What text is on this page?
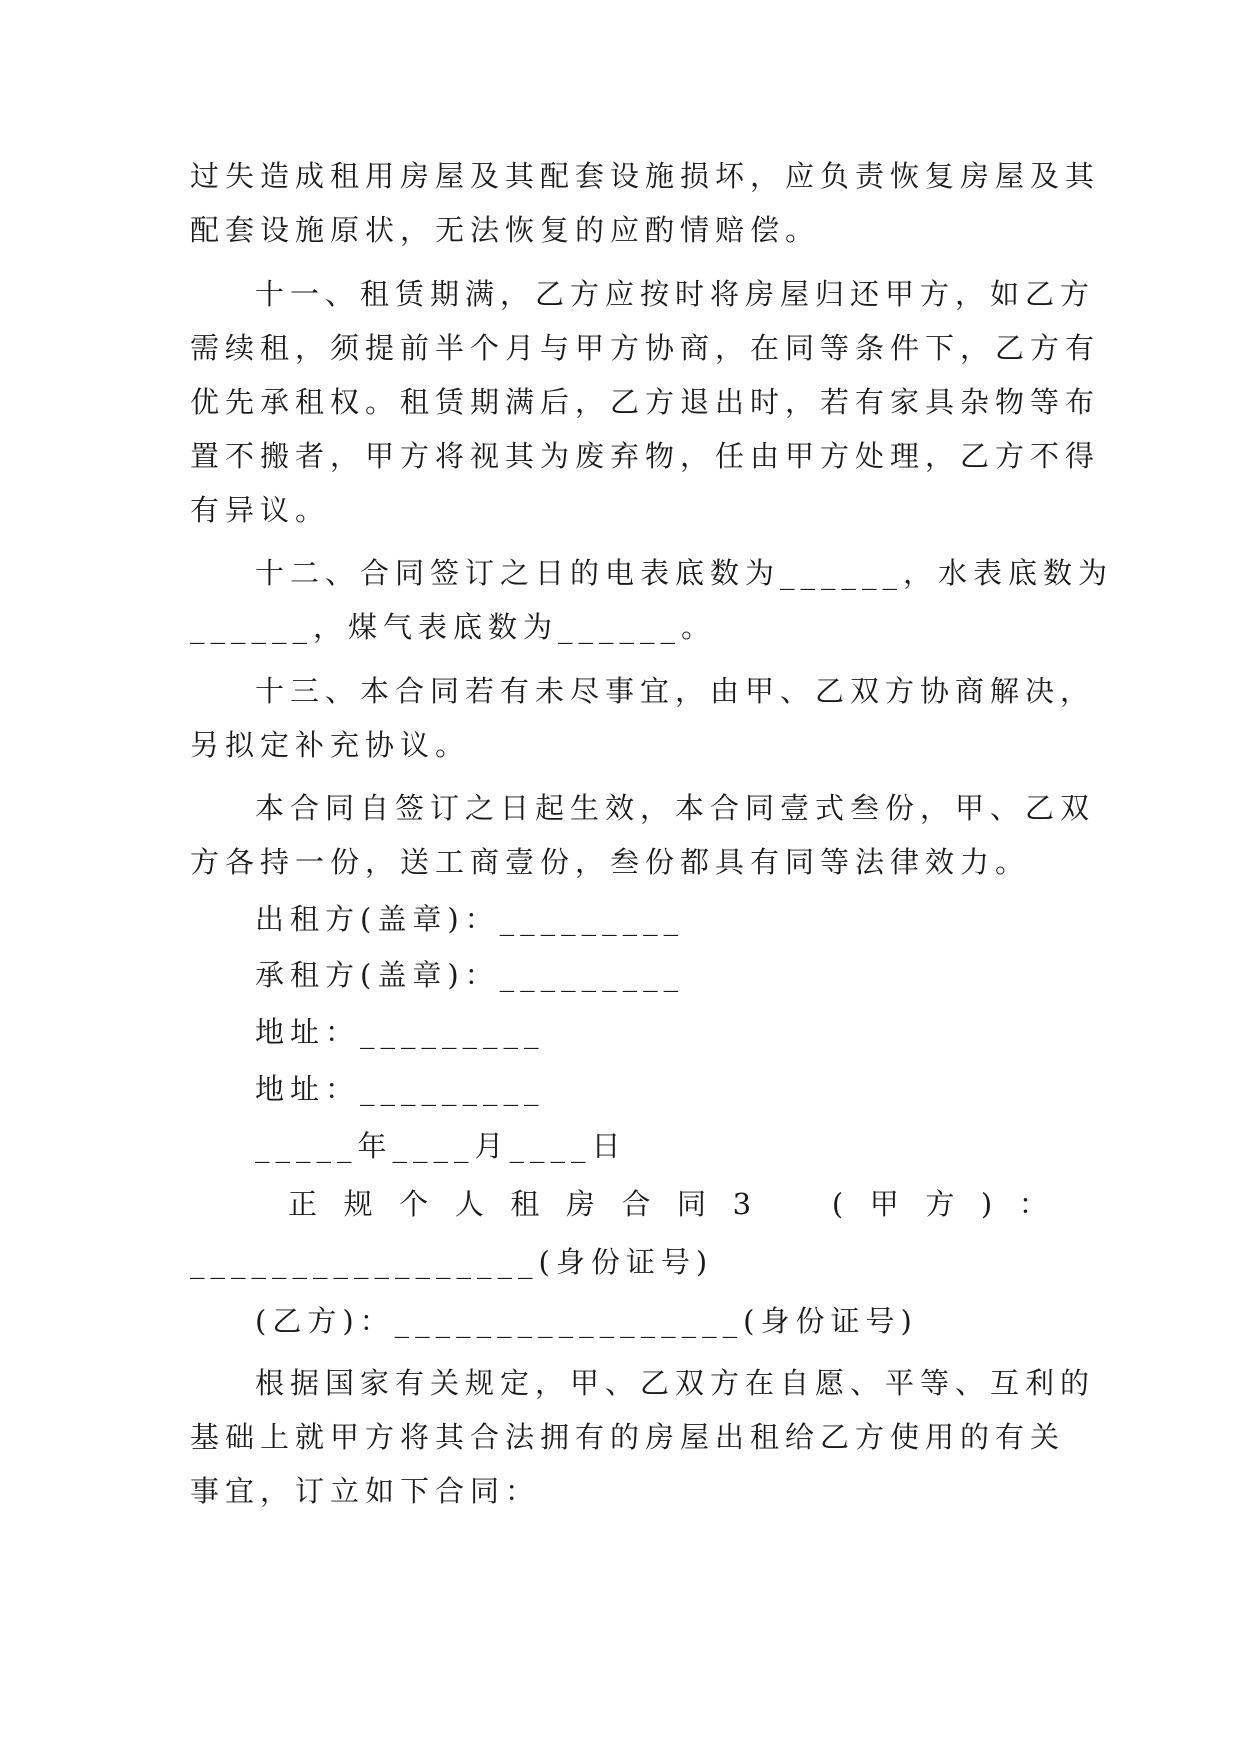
过失造成租用房屋及其配套设施损坏，应负责恢复房屋及其
配套设施原状，无法恢复的应酌情赔偿。
十一、租赁期满，乙方应按时将房屋归还甲方，如乙方
需续租，须提前半个月与甲方协商，在同等条件下，乙方有
优先承租权。租赁期满后，乙方退出时，若有家具杂物等布
置不搬者，甲方将视其为废弃物，任由甲方处理，乙方不得
有异议。
十二、合同签订之日的电表底数为______，水表底数为
______，煤气表底数为______。
十三、本合同若有未尽事宜，由甲、乙双方协商解决，
另拟定补充协议。
本合同自签订之日起生效，本合同壹式叁份，甲、乙双
方各持一份，送工商壹份，叁份都具有同等法律效力。
出租方(盖章)：_________
承租方(盖章)：_________
地址：_________
地址：_________
_____年____月____日
正 规 个 人 租 房 合 同 3
	( 甲 方 ) ：
_________________(身份证号)
(乙方)：_________________(身份证号)
根据国家有关规定，甲、乙双方在自愿、平等、互利的
基础上就甲方将其合法拥有的房屋出租给乙方使用的有关
事宜，订立如下合同：
